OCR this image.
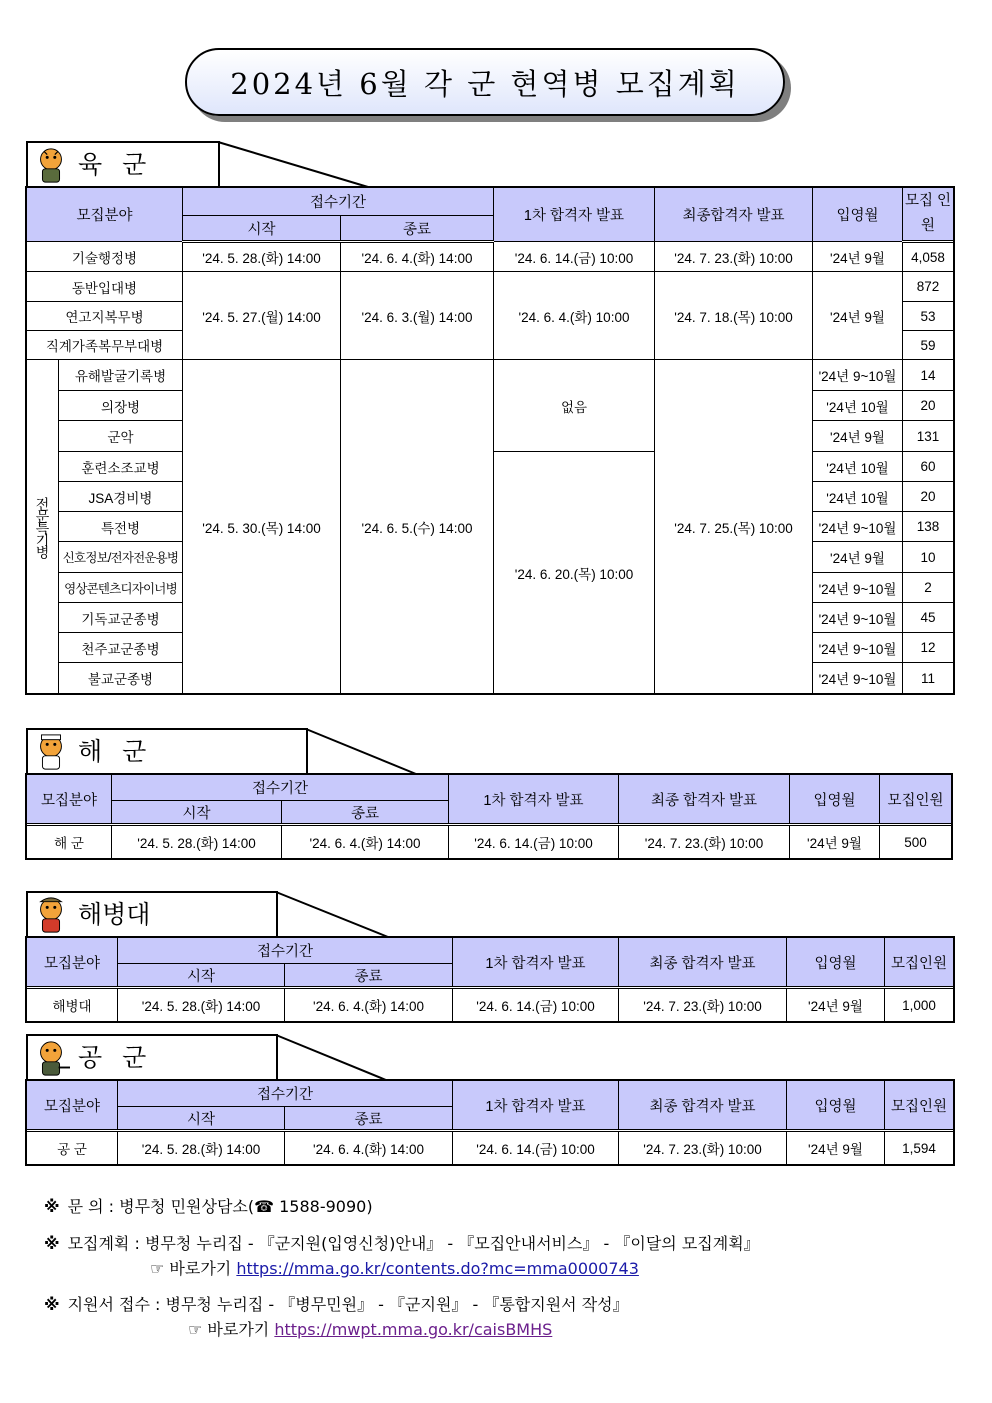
2024년 6월 각 군 현역병 모집계획
육 군
모집분야		접수기간		1차 합격자 발표	최종합격자 발표	입영월	모집 인원
		시작	종료				
기술행정병		'24. 5. 28.(화) 14:00	'24. 6. 4.(화) 14:00	'24. 6. 14.(금) 10:00	'24. 7. 23.(화) 10:00	'24년 9월	4,058
동반입대병		'24. 5. 27.(월) 14:00	'24. 6. 3.(월) 14:00	'24. 6. 4.(화) 10:00	'24. 7. 18.(목) 10:00	'24년 9월	872
연고지복무병							53
직계가족복무부대병							59
전문특기병	유해발굴기록병	'24. 5. 30.(목) 14:00	'24. 6. 5.(수) 14:00	없음	'24. 7. 25.(목) 10:00	'24년 9~10월	14
	의장병					'24년 10월	20
	군악					'24년 9월	131
	훈련소조교병			'24. 6. 20.(목) 10:00		'24년 10월	60
	JSA경비병					'24년 10월	20
	특전병					'24년 9~10월	138
	신호정보/전자전운용병					'24년 9월	10
	영상콘텐츠디자이너병					'24년 9~10월	2
	기독교군종병					'24년 9~10월	45
	천주교군종병					'24년 9~10월	12
	불교군종병					'24년 9~10월	11
해 군
모집분야	접수기간		1차 합격자 발표	최종 합격자 발표	입영월	모집인원
	시작	종료				
해 군	'24. 5. 28.(화) 14:00	'24. 6. 4.(화) 14:00	'24. 6. 14.(금) 10:00	'24. 7. 23.(화) 10:00	'24년 9월	500
해병대
모집분야	접수기간		1차 합격자 발표	최종 합격자 발표	입영월	모집인원
	시작	종료				
해병대	'24. 5. 28.(화) 14:00	'24. 6. 4.(화) 14:00	'24. 6. 14.(금) 10:00	'24. 7. 23.(화) 10:00	'24년 9월	1,000
공 군
모집분야	접수기간		1차 합격자 발표	최종 합격자 발표	입영월	모집인원
	시작	종료				
공 군	'24. 5. 28.(화) 14:00	'24. 6. 4.(화) 14:00	'24. 6. 14.(금) 10:00	'24. 7. 23.(화) 10:00	'24년 9월	1,594
※ 문 의 : 병무청 민원상담소(☎ 1588-9090)
※ 모집계획 : 병무청 누리집 - 『군지원(입영신청)안내』 - 『모집안내서비스』 - 『이달의 모집계획』
☞ 바로가기 https://mma.go.kr/contents.do?mc=mma0000743
※ 지원서 접수 : 병무청 누리집 - 『병무민원』 - 『군지원』 - 『통합지원서 작성』
☞ 바로가기 https://mwpt.mma.go.kr/caisBMHS
